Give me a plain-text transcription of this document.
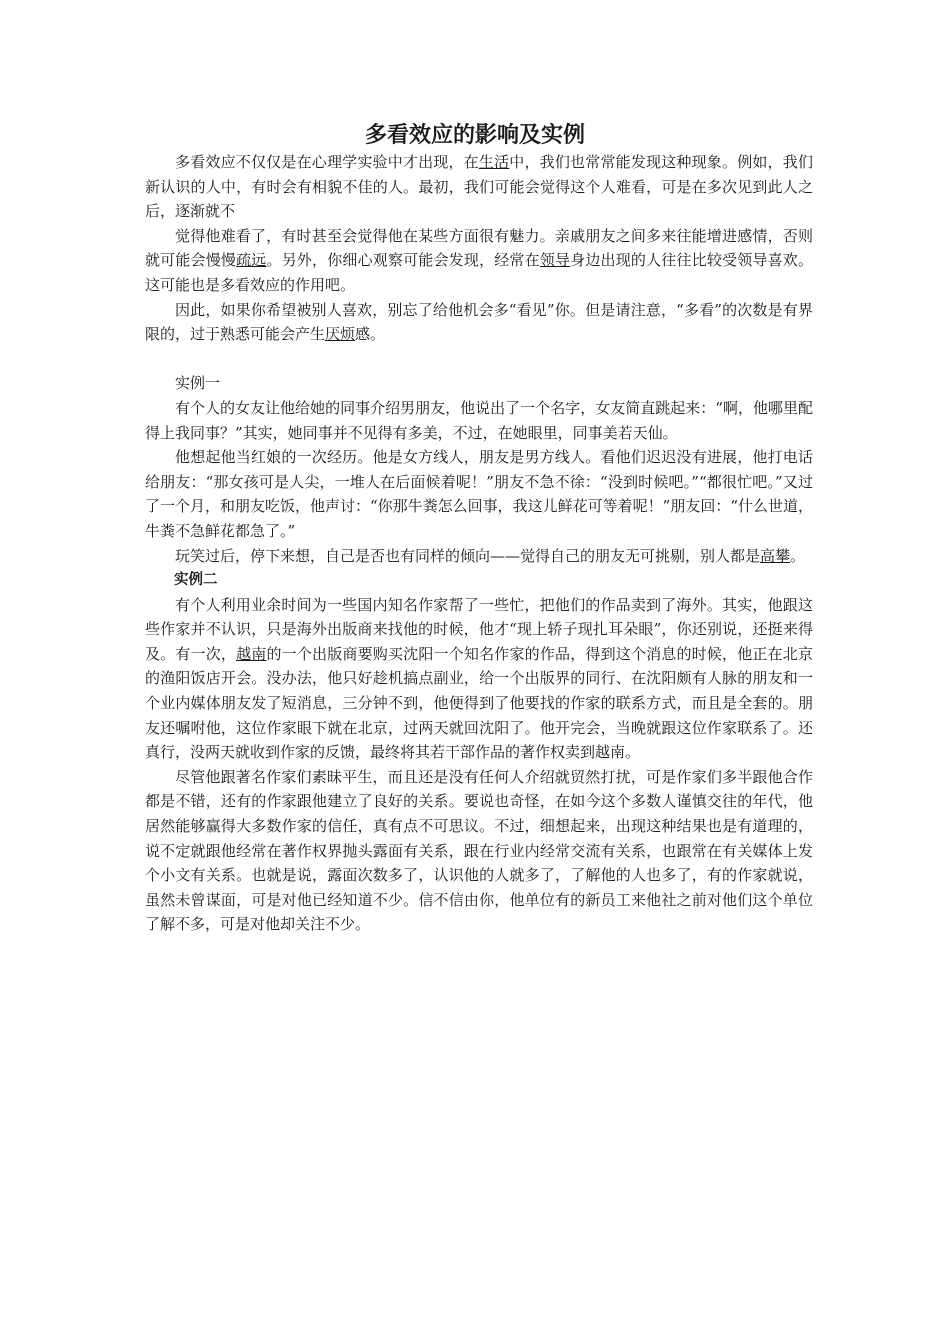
多看效应的影响及实例

多看效应不仅仅是在心理学实验中才出现，在生活中，我们也常常能发现这种现象。例如，我们新认识的人中，有时会有相貌不佳的人。最初，我们可能会觉得这个人难看，可是在多次见到此人之后，逐渐就不

觉得他难看了，有时甚至会觉得他在某些方面很有魅力。亲戚朋友之间多来往能增进感情，否则就可能会慢慢疏远。另外，你细心观察可能会发现，经常在领导身边出现的人往往比较受领导喜欢。这可能也是多看效应的作用吧。

因此，如果你希望被别人喜欢，别忘了给他机会多“看见”你。但是请注意，“多看”的次数是有界限的，过于熟悉可能会产生厌烦感。

实例一

有个人的女友让他给她的同事介绍男朋友，他说出了一个名字，女友简直跳起来：“啊，他哪里配得上我同事？”其实，她同事并不见得有多美，不过，在她眼里，同事美若天仙。

他想起他当红娘的一次经历。他是女方线人，朋友是男方线人。看他们迟迟没有进展，他打电话给朋友：“那女孩可是人尖，一堆人在后面候着呢！”朋友不急不徐：“没到时候吧。”“都很忙吧。”又过了一个月，和朋友吃饭，他声讨：“你那牛粪怎么回事，我这儿鲜花可等着呢！”朋友回：“什么世道，牛粪不急鲜花都急了。”

玩笑过后，停下来想，自己是否也有同样的倾向——觉得自己的朋友无可挑剔，别人都是高攀。

实例二

有个人利用业余时间为一些国内知名作家帮了一些忙，把他们的作品卖到了海外。其实，他跟这些作家并不认识，只是海外出版商来找他的时候，他才“现上轿子现扎耳朵眼”，你还别说，还挺来得及。有一次，越南的一个出版商要购买沈阳一个知名作家的作品，得到这个消息的时候，他正在北京的渔阳饭店开会。没办法，他只好趁机搞点副业，给一个出版界的同行、在沈阳颇有人脉的朋友和一个业内媒体朋友发了短消息，三分钟不到，他便得到了他要找的作家的联系方式，而且是全套的。朋友还嘱咐他，这位作家眼下就在北京，过两天就回沈阳了。他开完会，当晚就跟这位作家联系了。还真行，没两天就收到作家的反馈，最终将其若干部作品的著作权卖到越南。

尽管他跟著名作家们素昧平生，而且还是没有任何人介绍就贸然打扰，可是作家们多半跟他合作都是不错，还有的作家跟他建立了良好的关系。要说也奇怪，在如今这个多数人谨慎交往的年代，他居然能够赢得大多数作家的信任，真有点不可思议。不过，细想起来，出现这种结果也是有道理的，说不定就跟他经常在著作权界抛头露面有关系，跟在行业内经常交流有关系，也跟常在有关媒体上发个小文有关系。也就是说，露面次数多了，认识他的人就多了，了解他的人也多了，有的作家就说，虽然未曾谋面，可是对他已经知道不少。信不信由你，他单位有的新员工来他社之前对他们这个单位了解不多，可是对他却关注不少。
